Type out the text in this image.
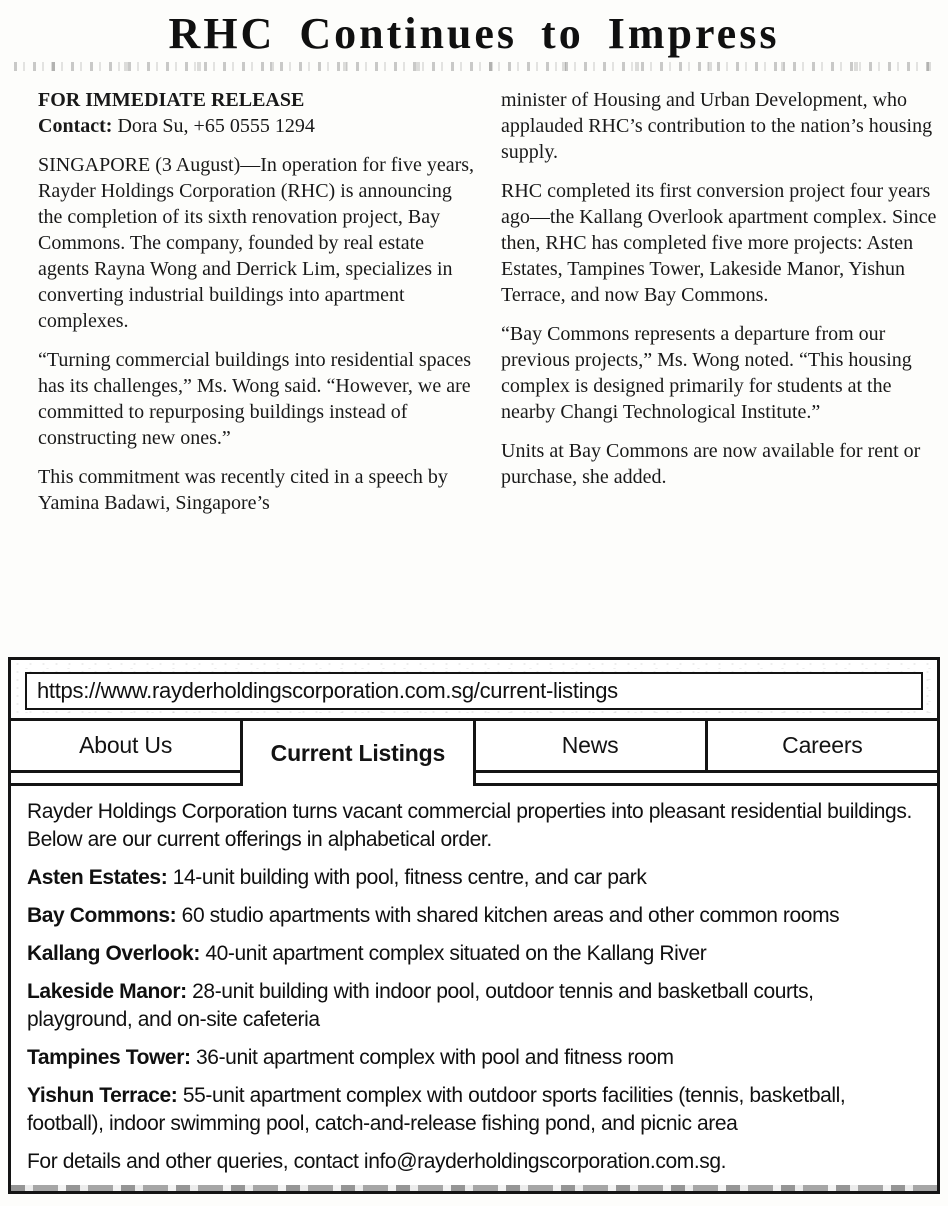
RHC Continues to Impress

FOR IMMEDIATE RELEASE

Contact: Dora Su, +65 0555 1294

SINGAPORE (3 August)—In operation for five years, Rayder Holdings Corporation (RHC) is announcing the completion of its sixth renovation project, Bay Commons. The company, founded by real estate agents Rayna Wong and Derrick Lim, specializes in converting industrial buildings into apartment complexes.

“Turning commercial buildings into residential spaces has its challenges,” Ms. Wong said. “However, we are committed to repurposing buildings instead of constructing new ones.”

This commitment was recently cited in a speech by Yamina Badawi, Singapore’s

minister of Housing and Urban Development, who applauded RHC’s contribution to the nation’s housing supply.

RHC completed its first conversion project four years ago—the Kallang Overlook apartment complex. Since then, RHC has completed five more projects: Asten Estates, Tampines Tower, Lakeside Manor, Yishun Terrace, and now Bay Commons.

“Bay Commons represents a departure from our previous projects,” Ms. Wong noted. “This housing complex is designed primarily for students at the nearby Changi Technological Institute.”

Units at Bay Commons are now available for rent or purchase, she added.

https://www.rayderholdingscorporation.com.sg/current-listings
About Us	Current Listings	News	Careers

Rayder Holdings Corporation turns vacant commercial properties into pleasant residential buildings. Below are our current offerings in alphabetical order.

Asten Estates: 14-unit building with pool, fitness centre, and car park

Bay Commons: 60 studio apartments with shared kitchen areas and other common rooms

Kallang Overlook: 40-unit apartment complex situated on the Kallang River

Lakeside Manor: 28-unit building with indoor pool, outdoor tennis and basketball courts, playground, and on-site cafeteria

Tampines Tower: 36-unit apartment complex with pool and fitness room

Yishun Terrace: 55-unit apartment complex with outdoor sports facilities (tennis, basketball, football), indoor swimming pool, catch-and-release fishing pond, and picnic area

For details and other queries, contact info@rayderholdingscorporation.com.sg.
